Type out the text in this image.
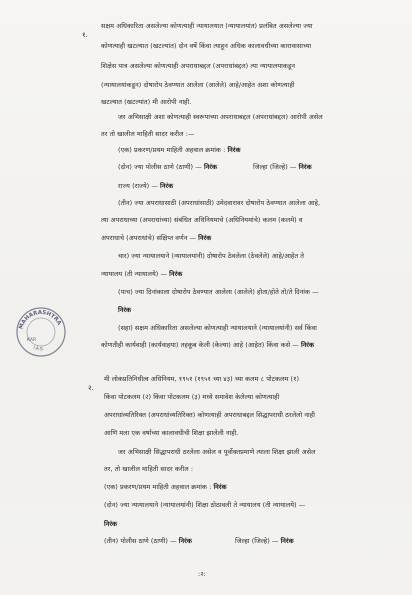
१.
सक्षम अधिकारिता असलेल्या कोणत्याही न्यायालयात (न्यायालयांत) प्रलंबित असलेल्या ज्या
कोणत्याही खटल्यात (खटल्यांत) दोन वर्षे किंवा त्याहून अधिक कालावधीच्या कारावासाच्या
शिक्षेस पात्र असलेल्या कोणत्याही अपराधाबद्दल (अपराधांबद्दल) त्या न्यायालयाकडून
(न्यायालयांकडून) दोषारोप ठेवण्यात आलेला (आलेले) आहे/आहेत अशा कोणत्याही
खटल्यात (खटल्यांत) मी आरोपी नाही.
जर अभिसाक्षी अशा कोणत्याही स्वरूपाच्या अपराधाबद्दल (अपराधांबद्दल) आरोपी असेल
तर तो खालील माहिती सादर करील :—
(एक) प्रकरण/प्रथम माहिती अहवाल क्रमांक : निरंक
(दोन) ज्या पोलीस ठाणे (ठाणी) — निरंक	जिल्हा (जिल्हे) — निरंक
राज्य (राज्ये) — निरंक
(तीन) ज्या अपराधासाठी (अपराधांसाठी) उमेदवारावर दोषारोप ठेवण्यात आलेला आहे,
त्या अपराधाच्या (अपराधांच्या) संबंधित अधिनियमाचे (अधिनियमांचे) कलम (कलमे) व
अपराधाचे (अपराधांचे) संक्षिप्त वर्णन — निरंक
चार) ज्या न्यायालयाने (न्यायालयांनी) दोषारोप ठेवलेला (ठेवलेले) आहे/आहेत ते
न्यायालय (ती न्यायालये) — निरंक
(पाच) ज्या दिनांकाला दोषारोप ठेवण्यात आलेला (आलेले) होता/होते तो/ते दिनांक —
निरंक
(सहा) सक्षम अधिकारिता असलेल्या कोणत्याही न्यायालयाने (न्यायालयांनी) सर्व किंवा
कोणतीही कार्यवाही (कार्यवाहया) तहकूब केली (केल्या) आहे (आहेत) किंवा कसे — निरंक
MAHARASHTRA
KAR
I.A.S.
२.
मी लोकप्रतिनिधीत्व अधिनियम, १९५१ (१९५१ च्या ४३) च्या कलम ८ पोटकलम (१)
किंवा पोटकलम (२) किंवा पोटकलम (३) मध्ये समावेश केलेल्या कोणत्याही
अपराधांव्यतिरिक्त (अपराधांव्यतिरिक्त) कोणत्याही अपराधाबद्दल सिद्धापराधी ठरलेलो नाही
आणि मला एक वर्षाच्या कालावधीची शिक्षा झालेली नाही.
जर अभिसाक्षी सिद्धापराधी ठरलेला असेल व पूर्वोक्तप्रमाणे त्याला शिक्षा झाली असेल
तर, तो खालील माहिती सादर करील :
(एक) प्रकरण/प्रथम माहिती अहवाल क्रमांक : निरंक
(दोन) ज्या न्यायालयाने (न्यायालयांनी) शिक्षा ठोठावली ते न्यायालय (ती न्यायालये) —
निरंक
(तीन) पोलीस ठाणे (ठाणी) — निरंक	जिल्हा (जिल्हे) — निरंक
:२:
